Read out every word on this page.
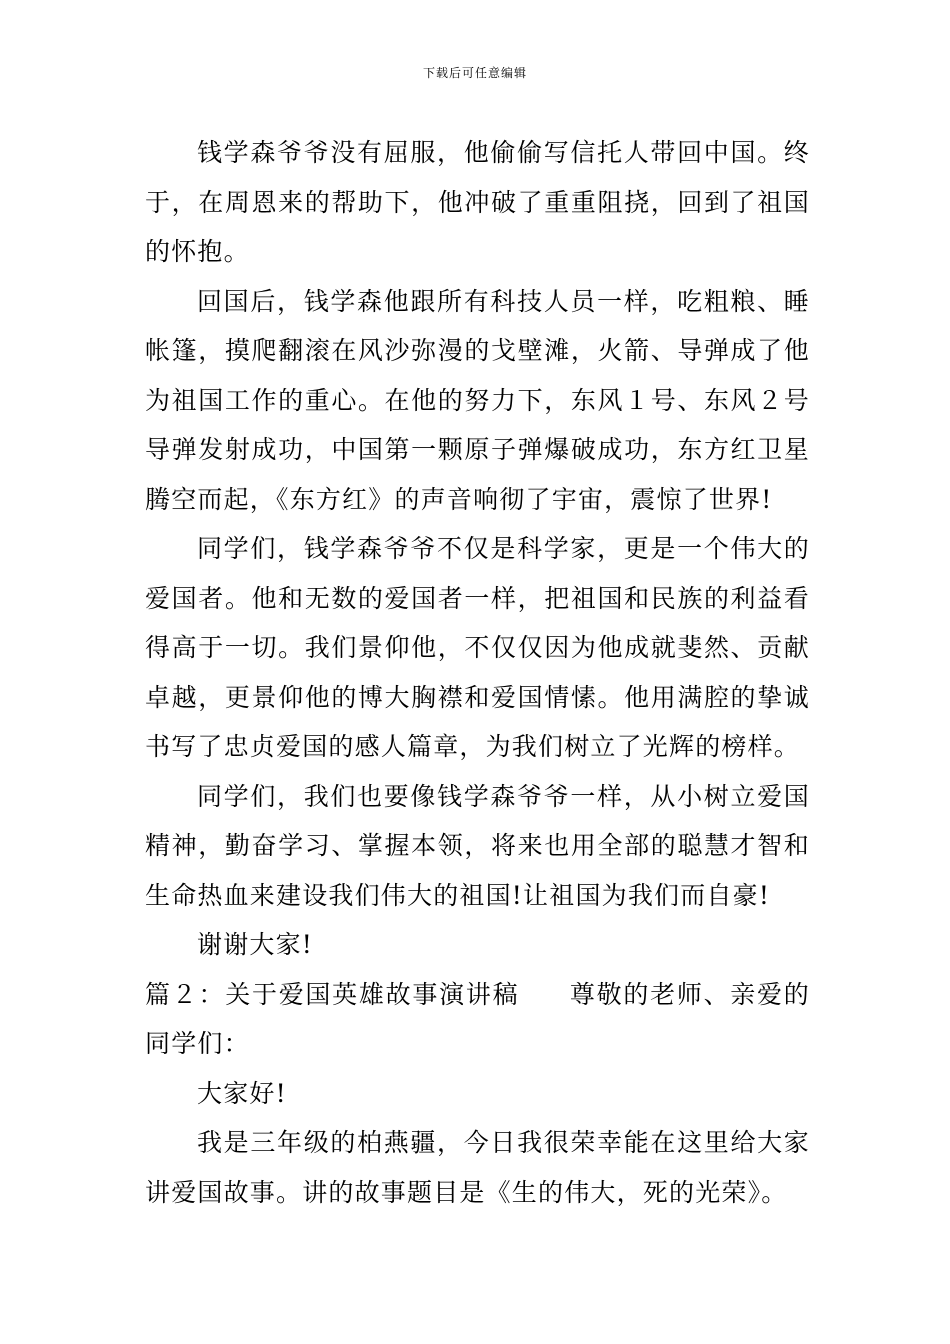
下载后可任意编辑

钱学森爷爷没有屈服，他偷偷写信托人带回中国。终于，在周恩来的帮助下，他冲破了重重阻挠，回到了祖国的怀抱。

回国后，钱学森他跟所有科技人员一样，吃粗粮、睡帐篷，摸爬翻滚在风沙弥漫的戈壁滩，火箭、导弹成了他为祖国工作的重心。在他的努力下，东风１号、东风２号导弹发射成功，中国第一颗原子弹爆破成功，东方红卫星腾空而起，《东方红》的声音响彻了宇宙，震惊了世界!

同学们，钱学森爷爷不仅是科学家，更是一个伟大的爱国者。他和无数的爱国者一样，把祖国和民族的利益看得高于一切。我们景仰他，不仅仅因为他成就斐然、贡献卓越，更景仰他的博大胸襟和爱国情愫。他用满腔的挚诚书写了忠贞爱国的感人篇章，为我们树立了光辉的榜样。

同学们，我们也要像钱学森爷爷一样，从小树立爱国精神，勤奋学习、掌握本领，将来也用全部的聪慧才智和生命热血来建设我们伟大的祖国!让祖国为我们而自豪!

谢谢大家!

篇２：关于爱国英雄故事演讲稿 尊敬的老师、亲爱的同学们：

大家好!

我是三年级的柏燕疆，今日我很荣幸能在这里给大家讲爱国故事。讲的故事题目是《生的伟大，死的光荣》。
